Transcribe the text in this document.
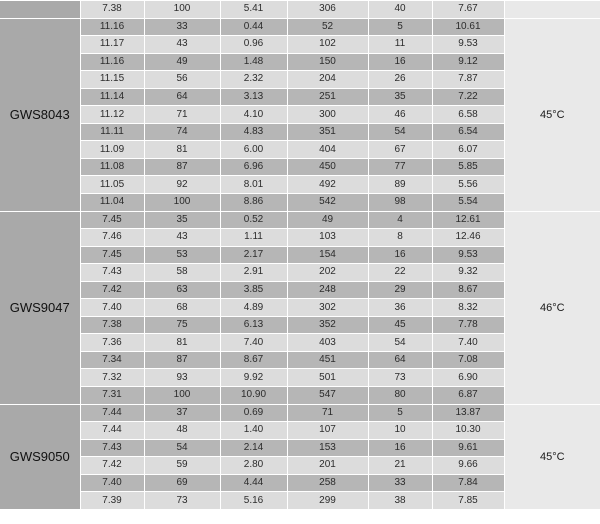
	7.38	100	5.41	306	40	7.67	
GWS8043	11.16	33	0.44	52	5	10.61	45°C
	11.17	43	0.96	102	11	9.53	
	11.16	49	1.48	150	16	9.12	
	11.15	56	2.32	204	26	7.87	
	11.14	64	3.13	251	35	7.22	
	11.12	71	4.10	300	46	6.58	
	11.11	74	4.83	351	54	6.54	
	11.09	81	6.00	404	67	6.07	
	11.08	87	6.96	450	77	5.85	
	11.05	92	8.01	492	89	5.56	
	11.04	100	8.86	542	98	5.54	
GWS9047	7.45	35	0.52	49	4	12.61	46°C
	7.46	43	1.11	103	8	12.46	
	7.45	53	2.17	154	16	9.53	
	7.43	58	2.91	202	22	9.32	
	7.42	63	3.85	248	29	8.67	
	7.40	68	4.89	302	36	8.32	
	7.38	75	6.13	352	45	7.78	
	7.36	81	7.40	403	54	7.40	
	7.34	87	8.67	451	64	7.08	
	7.32	93	9.92	501	73	6.90	
	7.31	100	10.90	547	80	6.87	
GWS9050	7.44	37	0.69	71	5	13.87	45°C
	7.44	48	1.40	107	10	10.30	
	7.43	54	2.14	153	16	9.61	
	7.42	59	2.80	201	21	9.66	
	7.40	69	4.44	258	33	7.84	
	7.39	73	5.16	299	38	7.85	
